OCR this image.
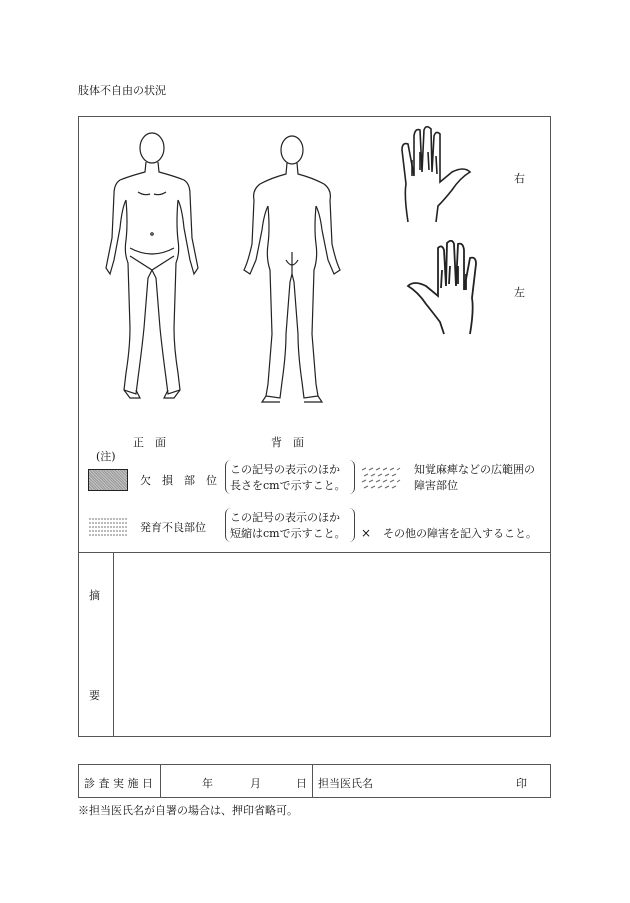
肢体不自由の状況
正　面	背　面
右
左
(注)
欠　損　部　位
この記号の表示のほか
長さをcmで示すこと。
知覚麻痺などの広範囲の
障害部位
発育不良部位
この記号の表示のほか
短縮はcmで示すこと。 × その他の障害を記入すること。
摘
要
診 査 実 施 日	年	月	日 担当医氏名	印
※担当医氏名が自署の場合は、押印省略可。
